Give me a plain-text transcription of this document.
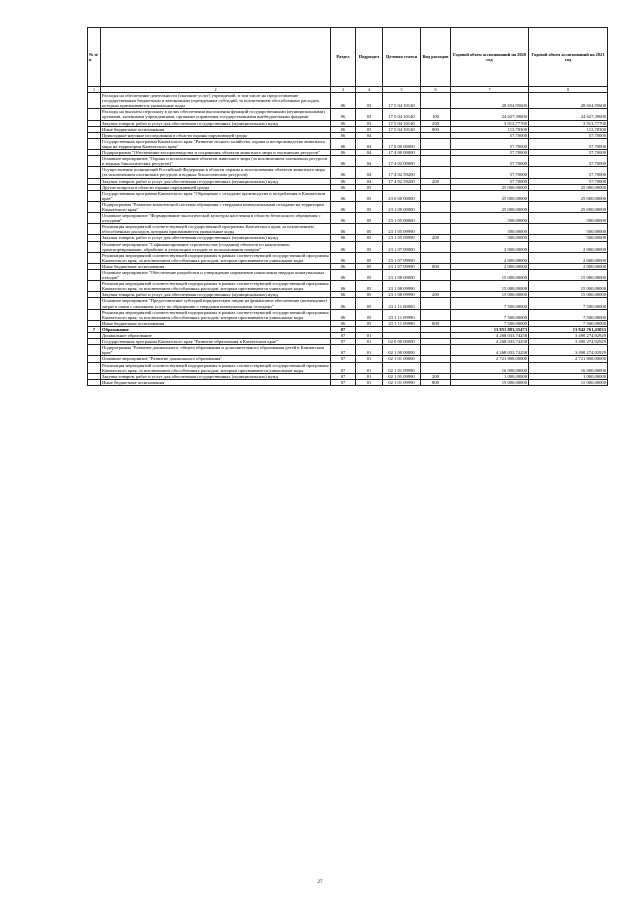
№ п/п		Раздел	Подраздел	Целевая статья	Вид расходов	Годовой объем ассигнований на 2020 год	Годовой объем ассигнований на 2021 год
1	2	3	4	5	6	7	8
	Расходы на обеспечение деятельности (оказание услуг) учреждений, в том числе на предоставление государственным бюджетным и автономным учреждениям субсидий, за исключением обособленных расходов, которым присваиваются уникальные коды	06	03	17 5 04 10140		28 654,95600	28 654,95600
	Расходы на выплаты персоналу в целях обеспечения выполнения функций государственными (муниципальными) органами, казенными учреждениями, органами управления государственными внебюджетными фондами	06	03	17 5 04 10140	100	24 627,39600	24 627,39600
	Закупка товаров, работ и услуг для обеспечения государственных (муниципальных) нужд	06	03	17 5 04 10140	200	3 913,77700	3 913,77700
	Иные бюджетные ассигнования	06	03	17 5 04 10140	800	113,78300	113,78300
	Прикладные научные исследования в области охраны окружающей среды	06	04			57,70000	57,70000
	Государственная программа Камчатского края "Развитие лесного хозяйства, охрана и воспроизводство животного мира на территории Камчатского края"	06	04	17 0 00 00000		57,70000	57,70000
	Подпрограмма "Обеспечение воспроизводства и сохранения объектов животного мира и охотничьих ресурсов"	06	04	17 4 00 00000		57,70000	57,70000
	Основное мероприятие "Охрана и использование объектов животного мира (за исключением охотничьих ресурсов и водных биологических ресурсов)"	06	04	17 4 02 00000		57,70000	57,70000
	Осуществление полномочий Российской Федерации в области охраны и использования объектов животного мира (за исключением охотничьих ресурсов и водных биологических ресурсов)	06	04	17 4 02 59200		57,70000	57,70000
	Закупка товаров, работ и услуг для обеспечения государственных (муниципальных) нужд	06	04	17 4 02 59200	200	57,70000	57,70000
	Другие вопросы в области охраны окружающей среды	06	05			25 000,00000	25 000,00000
	Государственная программа Камчатского края "Обращение с отходами производства и потребления в Камчатском крае"	06	05	23 0 00 00000		25 000,00000	25 000,00000
	Подпрограмма "Развитие комплексной системы обращения с твердыми коммунальными отходами на территории Камчатского края"	06	05	23 1 00 00000		25 000,00000	25 000,00000
	Основное мероприятие "Формирование экологической культуры населения в области безопасного обращения с отходами"	06	05	23 1 05 00000		500,00000	500,00000
	Реализация мероприятий соответствующей государственной программы Камчатского края, за исключением обособленных расходов, которым присваиваются уникальные коды	06	05	23 1 05 09990		500,00000	500,00000
	Закупка товаров, работ и услуг для обеспечения государственных (муниципальных) нужд	06	05	23 1 05 09990	200	500,00000	500,00000
	Основное мероприятие "Софинансирование строительства (создания) объектов по накоплению, транспортированию, обработке и утилизации отходов от использования товаров"	06	05	23 1 07 00000		2 000,00000	2 000,00000
	Реализация мероприятий соответствующей подпрограммы в рамках соответствующей государственной программы Камчатского края, за исключением обособленных расходов, которым присваиваются уникальные коды	06	05	23 1 07 09990		2 000,00000	2 000,00000
	Иные бюджетные ассигнования	06	05	23 1 07 09990	800	2 000,00000	2 000,00000
	Основное мероприятие "Обеспечение разработки и утверждение нормативов накопления твердых коммунальных отходов"	06	05	23 1 08 00000		15 000,00000	15 000,00000
	Реализация мероприятий соответствующей подпрограммы в рамках соответствующей государственной программы Камчатского края, за исключением обособленных расходов, которым присваиваются уникальные коды	06	05	23 1 08 09990		15 000,00000	15 000,00000
	Закупка товаров, работ и услуг для обеспечения государственных (муниципальных) нужд	06	05	23 1 08 09990	200	15 000,00000	15 000,00000
	Основное мероприятие "Предоставление субсидий юридическим лицам на финансовое обеспечение (возмещение) затрат в связи с оказанием услуг по обращению с твердыми коммунальными отходами"	06	05	23 1 11 00000		7 500,00000	7 500,00000
	Реализация мероприятий соответствующей подпрограммы в рамках соответствующей государственной программы Камчатского края, за исключением обособленных расходов, которым присваиваются уникальные коды	06	05	23 1 11 09990		7 500,00000	7 500,00000
	Иные бюджетные ассигнования	06	05	23 1 11 09990	800	7 500,00000	7 500,00000
7	Образование	07				13 851 883,35473	13 842 761,43033
	Дошкольное образование	07	01			4 268 033,74258	3 490 274,92929
	Государственная программа Камчатского края "Развитие образования в Камчатском крае"	07	01	02 0 00 00000		4 268 033,74258	3 490 274,92929
	Подпрограмма "Развитие дошкольного, общего образования и дополнительного образования детей в Камчатском крае"	07	01	02 1 00 00000		4 268 033,74258	3 490 274,92929
	Основное мероприятие "Развитие дошкольного образования"	07	01	02 1 01 00000		2 721 808,00000	2 721 808,00000
	Реализация мероприятий соответствующей подпрограммы в рамках соответствующей государственной программы Камчатского края, за исключением обособленных расходов, которым присваиваются уникальные коды	07	01	02 1 01 09990		16 000,00000	16 000,00000
	Закупка товаров, работ и услуг для обеспечения государственных (муниципальных) нужд	07	01	02 1 01 09990	200	1 000,00000	1 000,00000
	Иные бюджетные ассигнования	07	01	02 1 01 09990	800	15 000,00000	15 000,00000
27
